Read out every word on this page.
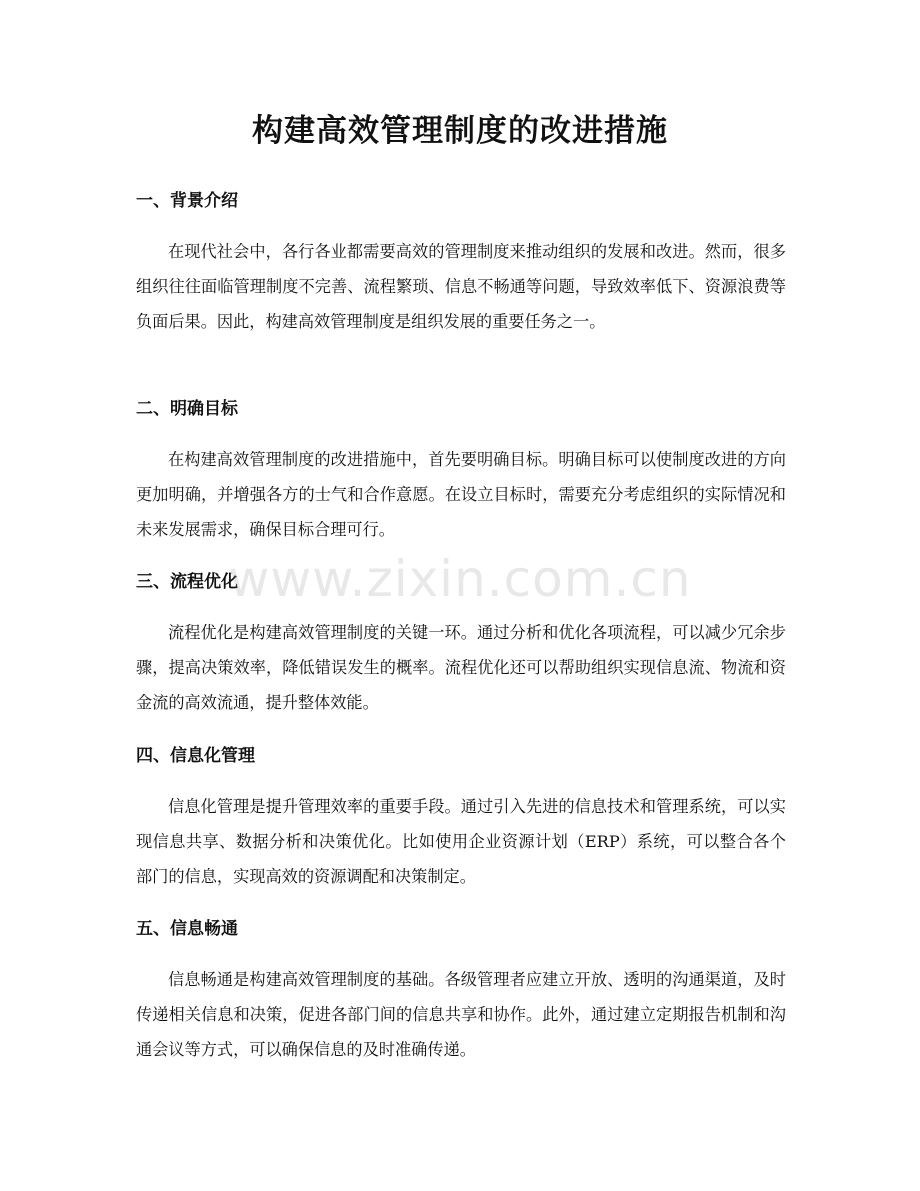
构建高效管理制度的改进措施
一、背景介绍

在现代社会中，各行各业都需要高效的管理制度来推动组织的发展和改进。然而，很多组织往往面临管理制度不完善、流程繁琐、信息不畅通等问题，导致效率低下、资源浪费等负面后果。因此，构建高效管理制度是组织发展的重要任务之一。

二、明确目标

在构建高效管理制度的改进措施中，首先要明确目标。明确目标可以使制度改进的方向更加明确，并增强各方的士气和合作意愿。在设立目标时，需要充分考虑组织的实际情况和未来发展需求，确保目标合理可行。

三、流程优化

流程优化是构建高效管理制度的关键一环。通过分析和优化各项流程，可以减少冗余步骤，提高决策效率，降低错误发生的概率。流程优化还可以帮助组织实现信息流、物流和资金流的高效流通，提升整体效能。

四、信息化管理

信息化管理是提升管理效率的重要手段。通过引入先进的信息技术和管理系统，可以实现信息共享、数据分析和决策优化。比如使用企业资源计划（ERP）系统，可以整合各个部门的信息，实现高效的资源调配和决策制定。

五、信息畅通

信息畅通是构建高效管理制度的基础。各级管理者应建立开放、透明的沟通渠道，及时传递相关信息和决策，促进各部门间的信息共享和协作。此外，通过建立定期报告机制和沟通会议等方式，可以确保信息的及时准确传递。

www.zixin.com.cn
